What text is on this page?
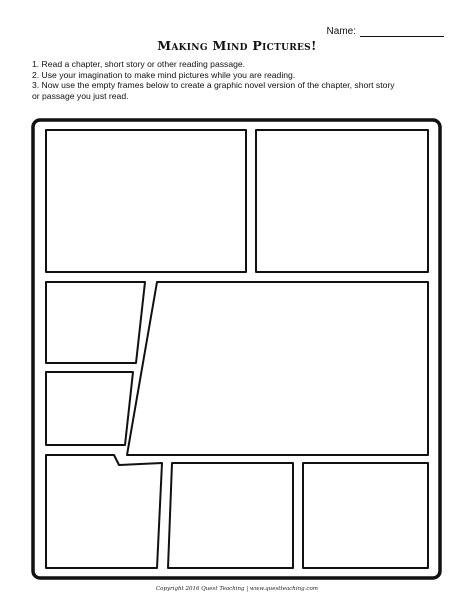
Name:
Making Mind Pictures!
1. Read a chapter, short story or other reading passage.
2. Use your imagination to make mind pictures while you are reading.
3. Now use the empty frames below to create a graphic novel version of the chapter, short story
or passage you just read.
Copyright 2016 Quest Teaching | www.questteaching.com
